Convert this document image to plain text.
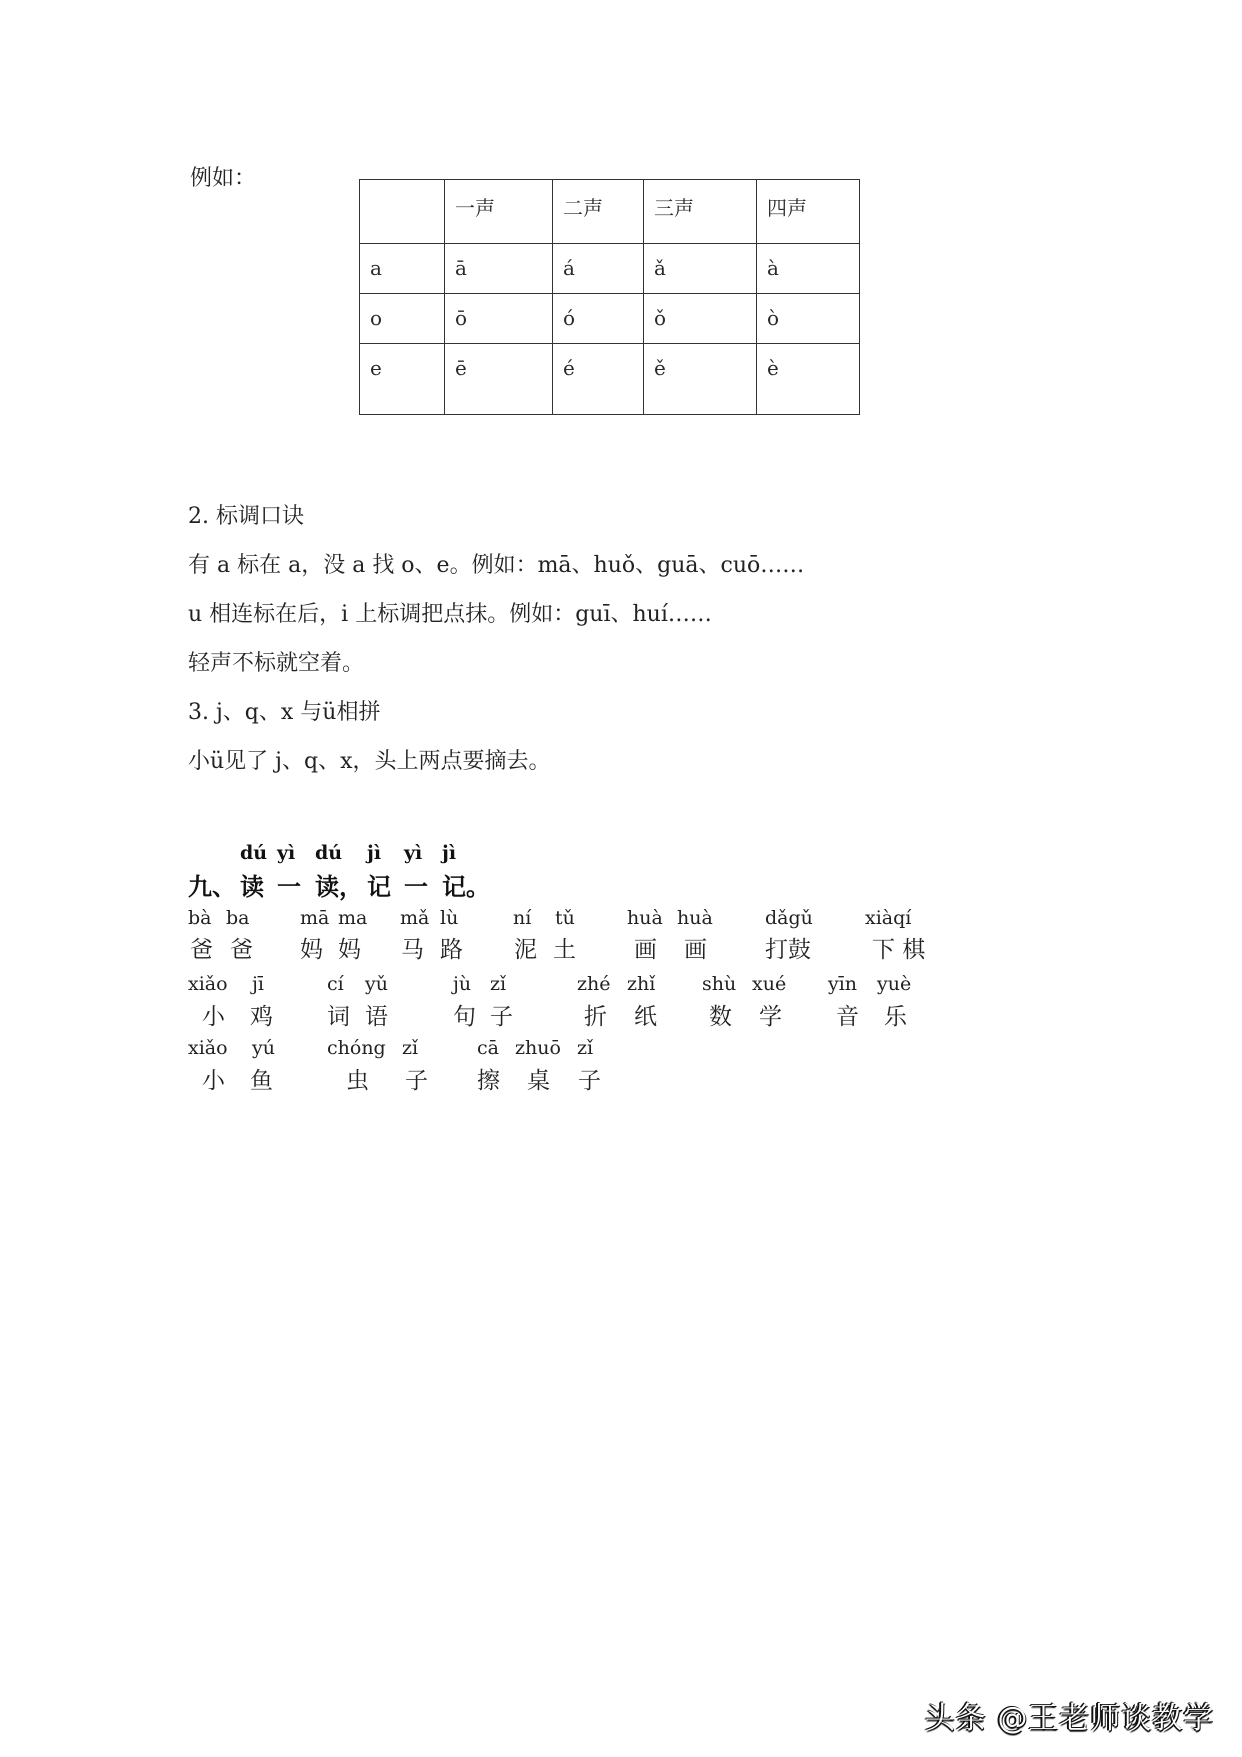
例如：
	一声	二声	三声	四声
a	ā	á	ǎ	à
o	ō	ó	ǒ	ò
e	ē	é	ě	è
2. 标调口诀
有 a 标在 a，没 a 找 o、e。例如：mā、huǒ、guā、cuō……
u 相连标在后，i 上标调把点抹。例如：guī、huí……
轻声不标就空着。
3. j、q、x 与ü相拼
小ü见了 j、q、x，头上两点要摘去。
dú yì dú jì yì jì
九、 读 一 读， 记 一 记。
bà ba
爸 爸
mā ma
妈 妈
mǎ lù
马 路
ní tǔ
泥 土
huà huà
画 画
dǎgǔ
打鼓
xiàqí
下 棋
xiǎo jī
小 鸡
cí yǔ
词 语
jù zǐ
句 子
zhé zhǐ
折 纸
shù xué
数 学
yīn yuè
音 乐
xiǎo yú
小 鱼
chóng zǐ
虫 子
cā zhuō zǐ
擦 桌 子
头条 @王老师谈教学
